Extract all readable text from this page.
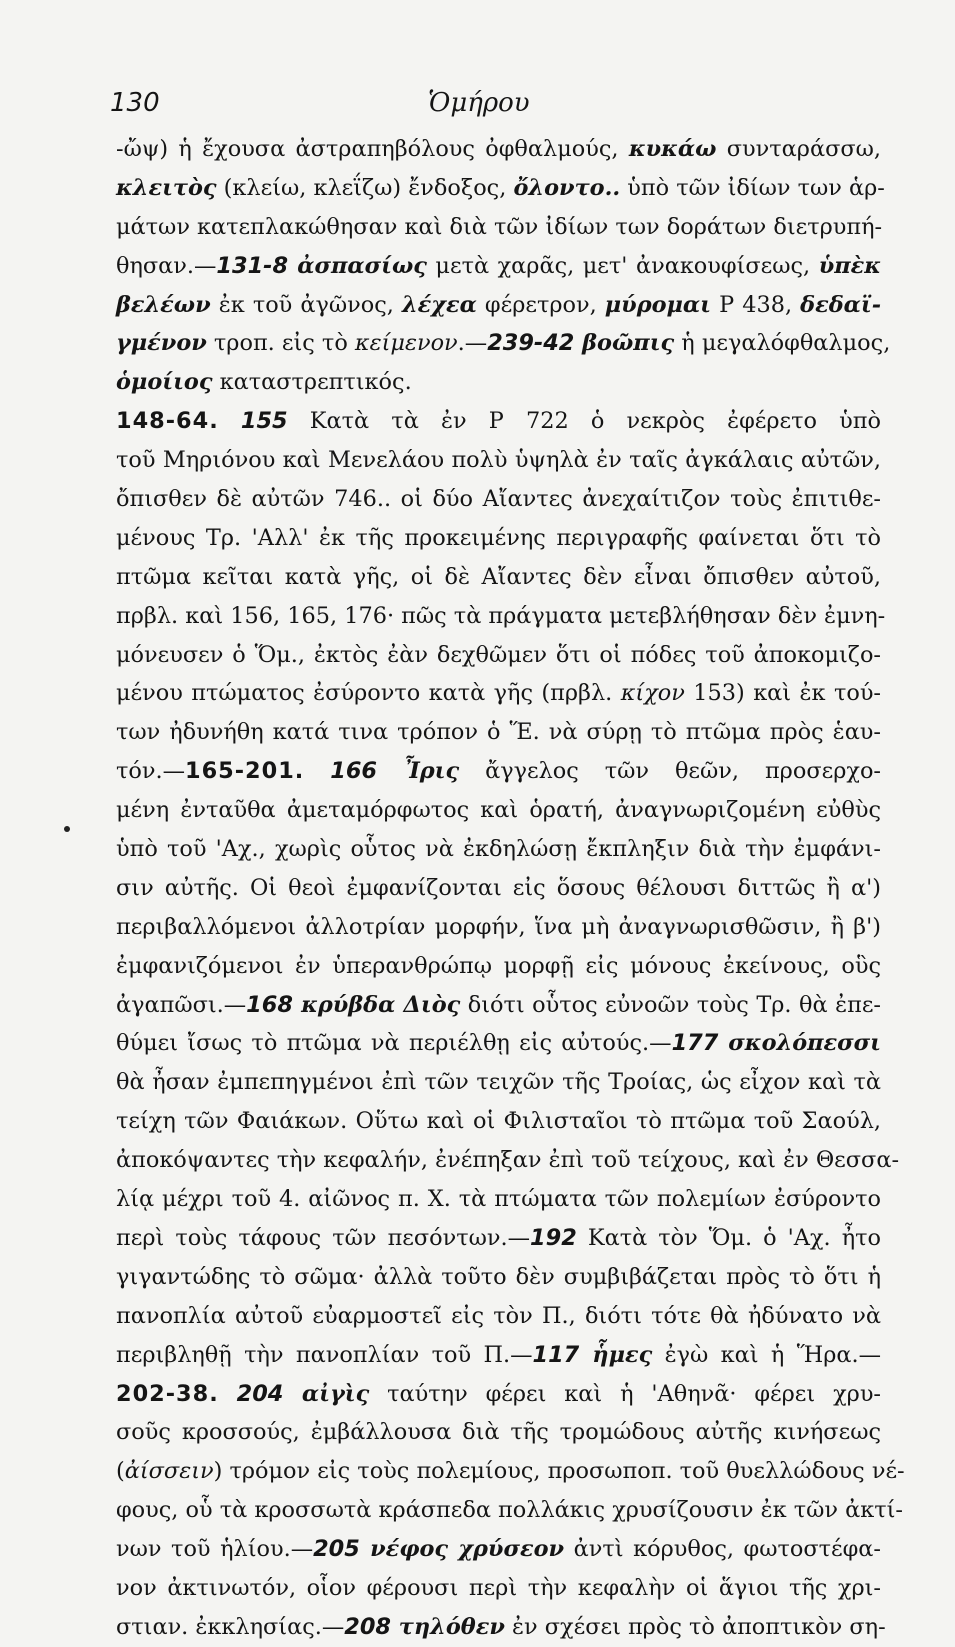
130	Ὁμήρου
-ὤψ) ἡ ἔχουσα ἀστραπηβόλους ὀφθαλμούς, κυκάω συνταράσσω,
κλειτὸς (κλείω, κλεΐζω) ἔνδοξος, ὄλοντο.. ὑπὸ τῶν ἰδίων των ἁρ-
μάτων κατεπλακώθησαν καὶ διὰ τῶν ἰδίων των δοράτων διετρυπή-
θησαν.—131-8 ἀσπασίως μετὰ χαρᾶς, μετ' ἀνακουφίσεως, ὑπὲκ
βελέων ἐκ τοῦ ἀγῶνος, λέχεα φέρετρον, μύρομαι Ρ 438, δεδαϊ-
γμένον τροπ. εἰς τὸ κείμενον.—239-42 βοῶπις ἡ μεγαλόφθαλμος,
ὁμοίιος καταστρεπτικός.
148-64. 155 Κατὰ τὰ ἐν Ρ 722 ὁ νεκρὸς ἐφέρετο ὑπὸ
τοῦ Μηριόνου καὶ Μενελάου πολὺ ὑψηλὰ ἐν ταῖς ἀγκάλαις αὐτῶν,
ὄπισθεν δὲ αὐτῶν 746.. οἱ δύο Αἴαντες ἀνεχαίτιζον τοὺς ἐπιτιθε-
μένους Τρ. 'Αλλ' ἐκ τῆς προκειμένης περιγραφῆς φαίνεται ὅτι τὸ
πτῶμα κεῖται κατὰ γῆς, οἱ δὲ Αἴαντες δὲν εἶναι ὄπισθεν αὐτοῦ,
πρβλ. καὶ 156, 165, 176· πῶς τὰ πράγματα μετεβλήθησαν δὲν ἐμνη-
μόνευσεν ὁ Ὅμ., ἐκτὸς ἐὰν δεχθῶμεν ὅτι οἱ πόδες τοῦ ἀποκομιζο-
μένου πτώματος ἐσύροντο κατὰ γῆς (πρβλ. κίχον 153) καὶ ἐκ τού-
των ἠδυνήθη κατά τινα τρόπον ὁ Ἕ. νὰ σύρῃ τὸ πτῶμα πρὸς ἑαυ-
τόν.—165-201. 166 Ἶρις ἄγγελος τῶν θεῶν, προσερχο-
μένη ἐνταῦθα ἀμεταμόρφωτος καὶ ὁρατή, ἀναγνωριζομένη εὐθὺς
ὑπὸ τοῦ 'Αχ., χωρὶς οὗτος νὰ ἐκδηλώσῃ ἔκπληξιν διὰ τὴν ἐμφάνι-
σιν αὐτῆς. Οἱ θεοὶ ἐμφανίζονται εἰς ὅσους θέλουσι διττῶς ἢ α')
περιβαλλόμενοι ἀλλοτρίαν μορφήν, ἵνα μὴ ἀναγνωρισθῶσιν, ἢ β')
ἐμφανιζόμενοι ἐν ὑπερανθρώπῳ μορφῇ εἰς μόνους ἐκείνους, οὓς
ἀγαπῶσι.—168 κρύβδα Διὸς διότι οὗτος εὐνοῶν τοὺς Τρ. θὰ ἐπε-
θύμει ἴσως τὸ πτῶμα νὰ περιέλθῃ εἰς αὐτούς.—177 σκολόπεσσι
θὰ ἦσαν ἐμπεπηγμένοι ἐπὶ τῶν τειχῶν τῆς Τροίας, ὡς εἶχον καὶ τὰ
τείχη τῶν Φαιάκων. Οὕτω καὶ οἱ Φιλισταῖοι τὸ πτῶμα τοῦ Σαούλ,
ἀποκόψαντες τὴν κεφαλήν, ἐνέπηξαν ἐπὶ τοῦ τείχους, καὶ ἐν Θεσσα-
λίᾳ μέχρι τοῦ 4. αἰῶνος π. Χ. τὰ πτώματα τῶν πολεμίων ἐσύροντο
περὶ τοὺς τάφους τῶν πεσόντων.—192 Κατὰ τὸν Ὅμ. ὁ 'Αχ. ἦτο
γιγαντώδης τὸ σῶμα· ἀλλὰ τοῦτο δὲν συμβιβάζεται πρὸς τὸ ὅτι ἡ
πανοπλία αὐτοῦ εὐαρμοστεῖ εἰς τὸν Π., διότι τότε θὰ ἠδύνατο νὰ
περιβληθῇ τὴν πανοπλίαν τοῦ Π.—117 ἧμες ἐγὼ καὶ ἡ Ἥρα.—
202-38. 204 αἰγὶς ταύτην φέρει καὶ ἡ 'Αθηνᾶ· φέρει χρυ-
σοῦς κροσσούς, ἐμβάλλουσα διὰ τῆς τρομώδους αὐτῆς κινήσεως
(ἀίσσειν) τρόμον εἰς τοὺς πολεμίους, προσωποπ. τοῦ θυελλώδους νέ-
φους, οὗ τὰ κροσσωτὰ κράσπεδα πολλάκις χρυσίζουσιν ἐκ τῶν ἀκτί-
νων τοῦ ἡλίου.—205 νέφος χρύσεον ἀντὶ κόρυθος, φωτοστέφα-
νον ἀκτινωτόν, οἷον φέρουσι περὶ τὴν κεφαλὴν οἱ ἅγιοι τῆς χρι-
στιαν. ἐκκλησίας.—208 τηλόθεν ἐν σχέσει πρὸς τὸ ἀποπτικὸν ση-
